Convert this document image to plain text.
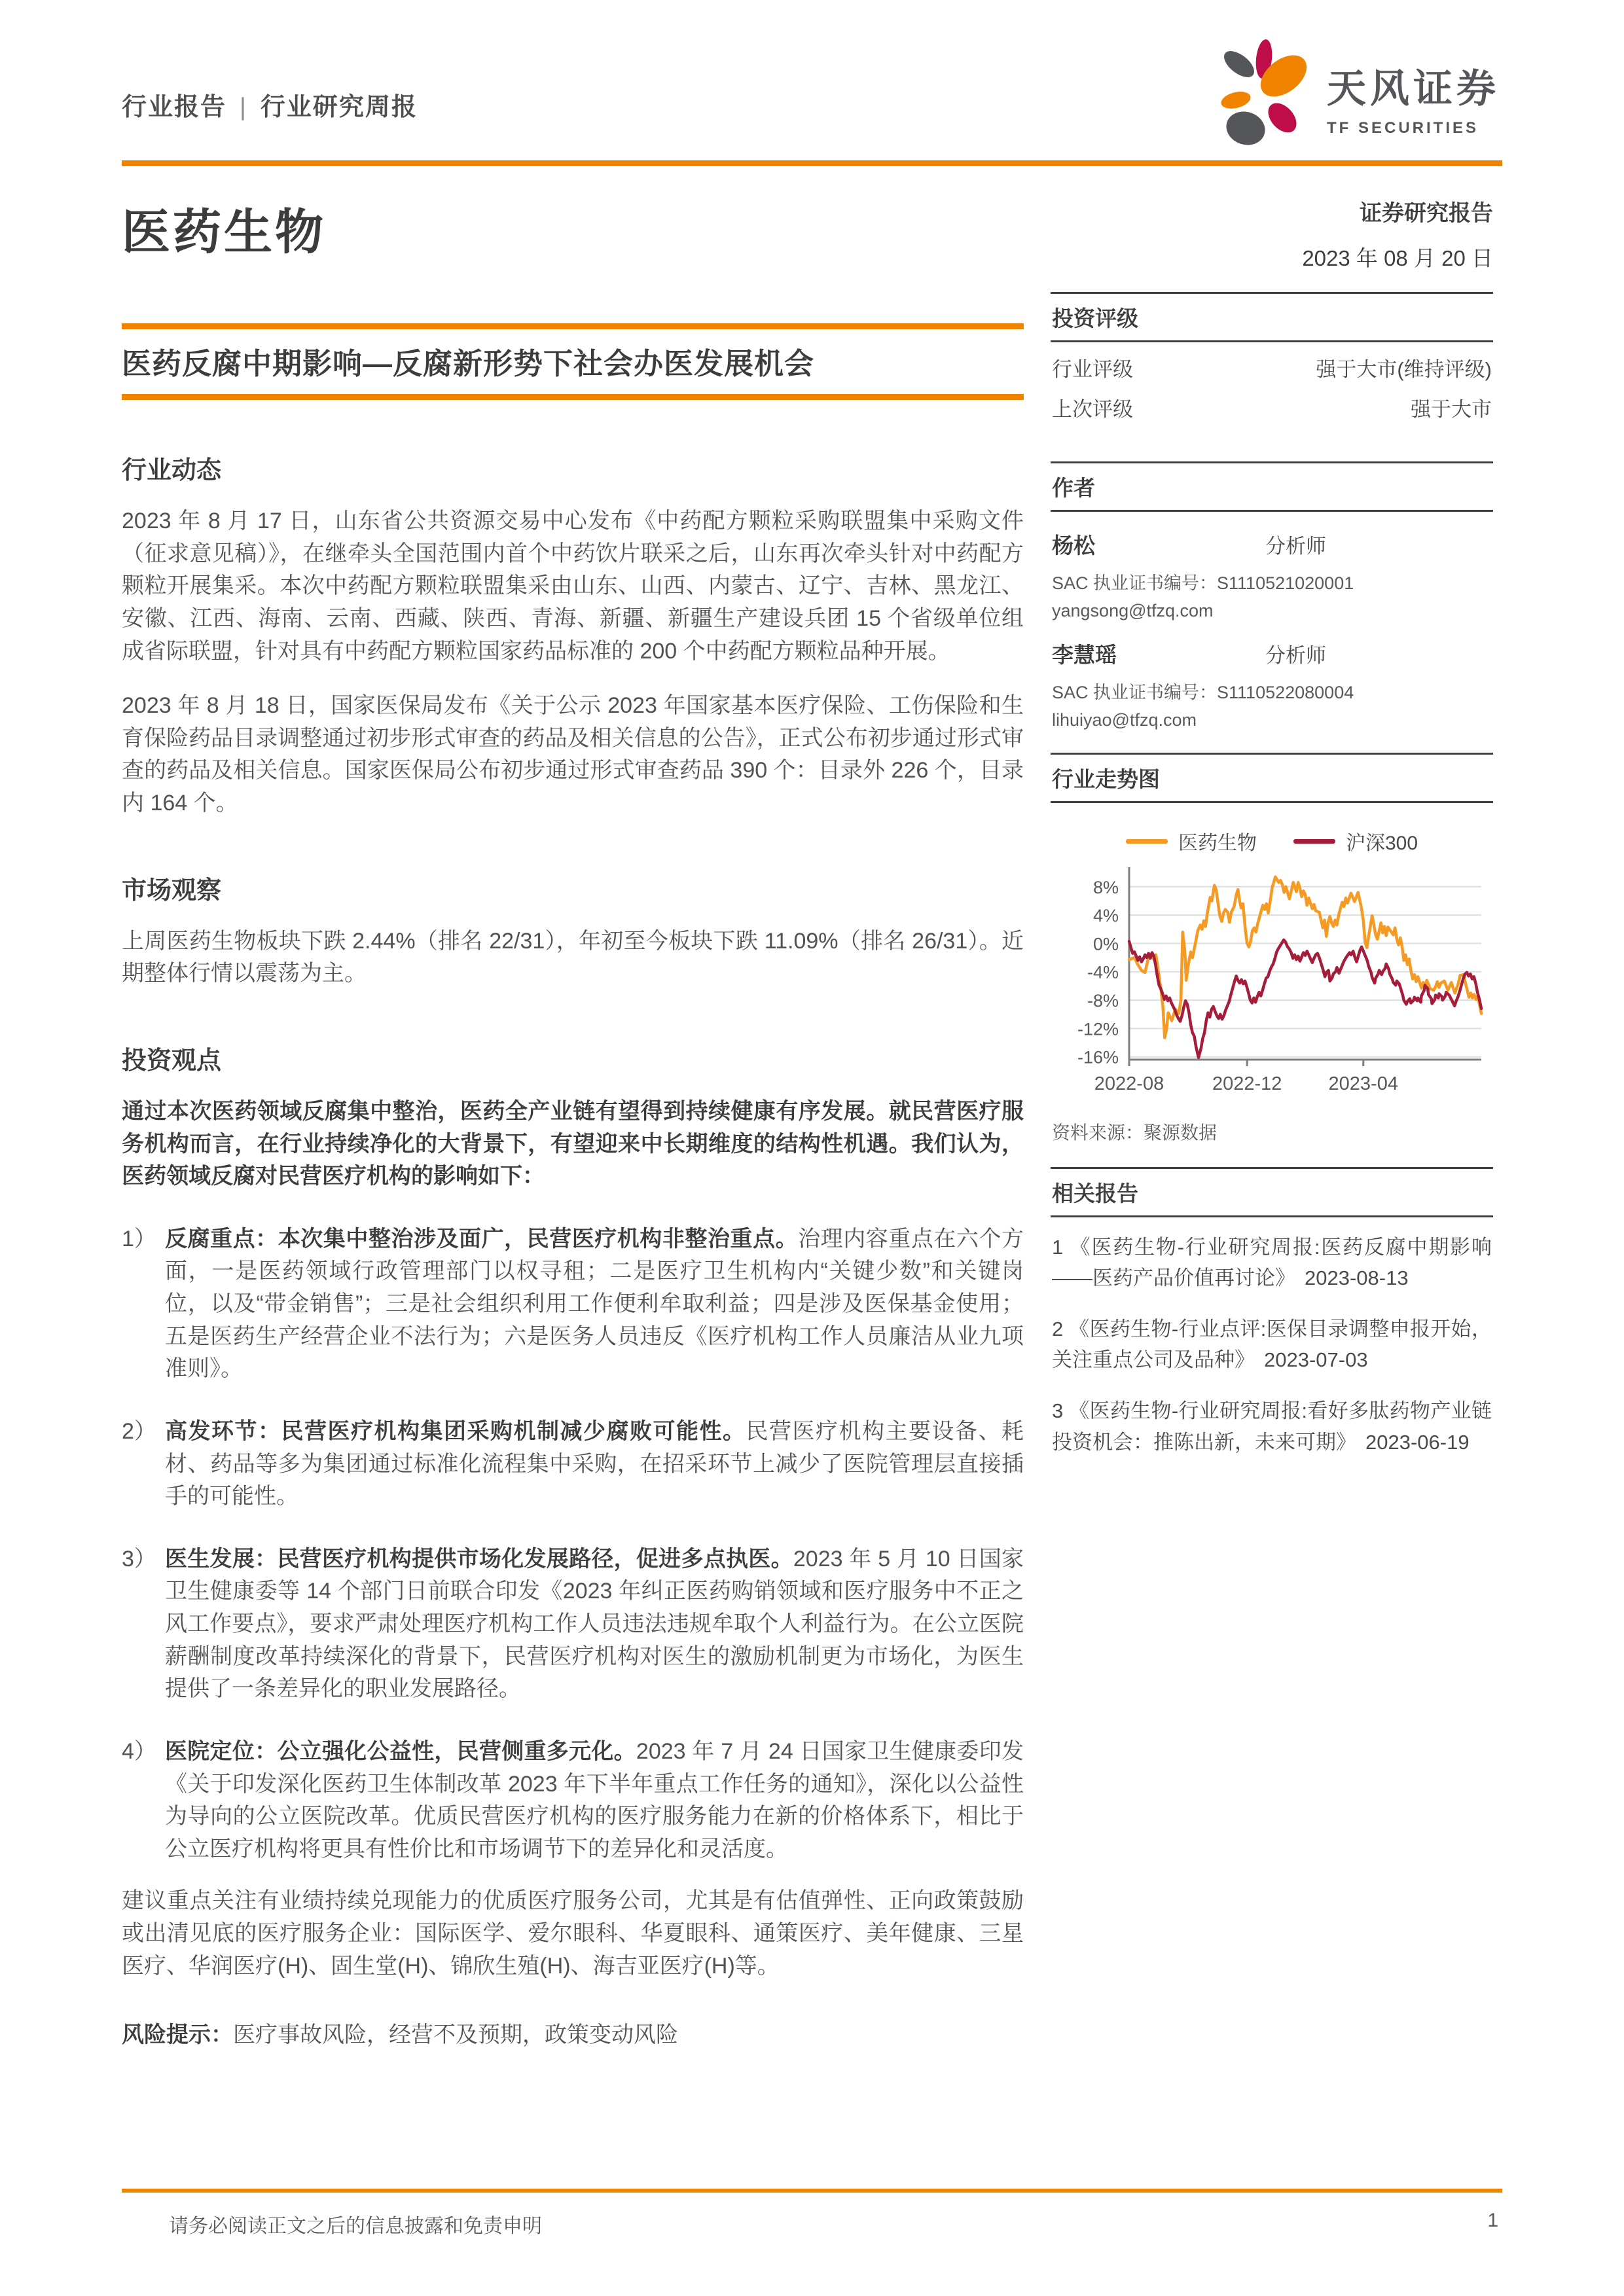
行业报告 | 行业研究周报	天风证券
TF SECURITIES
医药生物
医药反腐中期影响—反腐新形势下社会办医发展机会
行业动态

2023 年 8 月 17 日，山东省公共资源交易中心发布《中药配方颗粒采购联盟集中采购文件（征求意见稿）》，在继牵头全国范围内首个中药饮片联采之后，山东再次牵头针对中药配方颗粒开展集采。本次中药配方颗粒联盟集采由山东、山西、内蒙古、辽宁、吉林、黑龙江、安徽、江西、海南、云南、西藏、陕西、青海、新疆、新疆生产建设兵团 15 个省级单位组成省际联盟，针对具有中药配方颗粒国家药品标准的 200 个中药配方颗粒品种开展。

2023 年 8 月 18 日，国家医保局发布《关于公示 2023 年国家基本医疗保险、工伤保险和生育保险药品目录调整通过初步形式审查的药品及相关信息的公告》，正式公布初步通过形式审查的药品及相关信息。国家医保局公布初步通过形式审查药品 390 个：目录外 226 个，目录内 164 个。

市场观察

上周医药生物板块下跌 2.44%（排名 22/31），年初至今板块下跌 11.09%（排名 26/31）。近期整体行情以震荡为主。

投资观点

通过本次医药领域反腐集中整治，医药全产业链有望得到持续健康有序发展。就民营医疗服务机构而言，在行业持续净化的大背景下，有望迎来中长期维度的结构性机遇。我们认为，医药领域反腐对民营医疗机构的影响如下：

1） 反腐重点：本次集中整治涉及面广，民营医疗机构非整治重点。治理内容重点在六个方面，一是医药领域行政管理部门以权寻租；二是医疗卫生机构内“关键少数”和关键岗位，以及“带金销售”；三是社会组织利用工作便利牟取利益；四是涉及医保基金使用；五是医药生产经营企业不法行为；六是医务人员违反《医疗机构工作人员廉洁从业九项准则》。
2） 高发环节：民营医疗机构集团采购机制减少腐败可能性。民营医疗机构主要设备、耗材、药品等多为集团通过标准化流程集中采购，在招采环节上减少了医院管理层直接插手的可能性。
3） 医生发展：民营医疗机构提供市场化发展路径，促进多点执医。2023 年 5 月 10 日国家卫生健康委等 14 个部门日前联合印发《2023 年纠正医药购销领域和医疗服务中不正之风工作要点》，要求严肃处理医疗机构工作人员违法违规牟取个人利益行为。在公立医院薪酬制度改革持续深化的背景下，民营医疗机构对医生的激励机制更为市场化，为医生提供了一条差异化的职业发展路径。
4） 医院定位：公立强化公益性，民营侧重多元化。2023 年 7 月 24 日国家卫生健康委印发《关于印发深化医药卫生体制改革 2023 年下半年重点工作任务的通知》，深化以公益性为导向的公立医院改革。优质民营医疗机构的医疗服务能力在新的价格体系下，相比于公立医疗机构将更具有性价比和市场调节下的差异化和灵活度。

建议重点关注有业绩持续兑现能力的优质医疗服务公司，尤其是有估值弹性、正向政策鼓励或出清见底的医疗服务企业：国际医学、爱尔眼科、华夏眼科、通策医疗、美年健康、三星医疗、华润医疗(H)、固生堂(H)、锦欣生殖(H)、海吉亚医疗(H)等。

风险提示：医疗事故风险，经营不及预期，政策变动风险

证券研究报告
2023 年 08 月 20 日
投资评级
行业评级	强于大市(维持评级)
上次评级	强于大市
作者
杨松	分析师
SAC 执业证书编号：S1110521020001
yangsong@tfzq.com
李慧瑶	分析师
SAC 执业证书编号：S1110522080004
lihuiyao@tfzq.com
行业走势图
医药生物	沪深300
8%
4%
0%
-4%
-8%
-12%
-16%
2022-08	2022-12 2023-04
资料来源：聚源数据
相关报告

1 《医药生物-行业研究周报:医药反腐中期影响——医药产品价值再讨论》 2023-08-13

2 《医药生物-行业点评:医保目录调整申报开始，关注重点公司及品种》 2023-07-03

3 《医药生物-行业研究周报:看好多肽药物产业链投资机会：推陈出新，未来可期》 2023-06-19

请务必阅读正文之后的信息披露和免责申明	1
